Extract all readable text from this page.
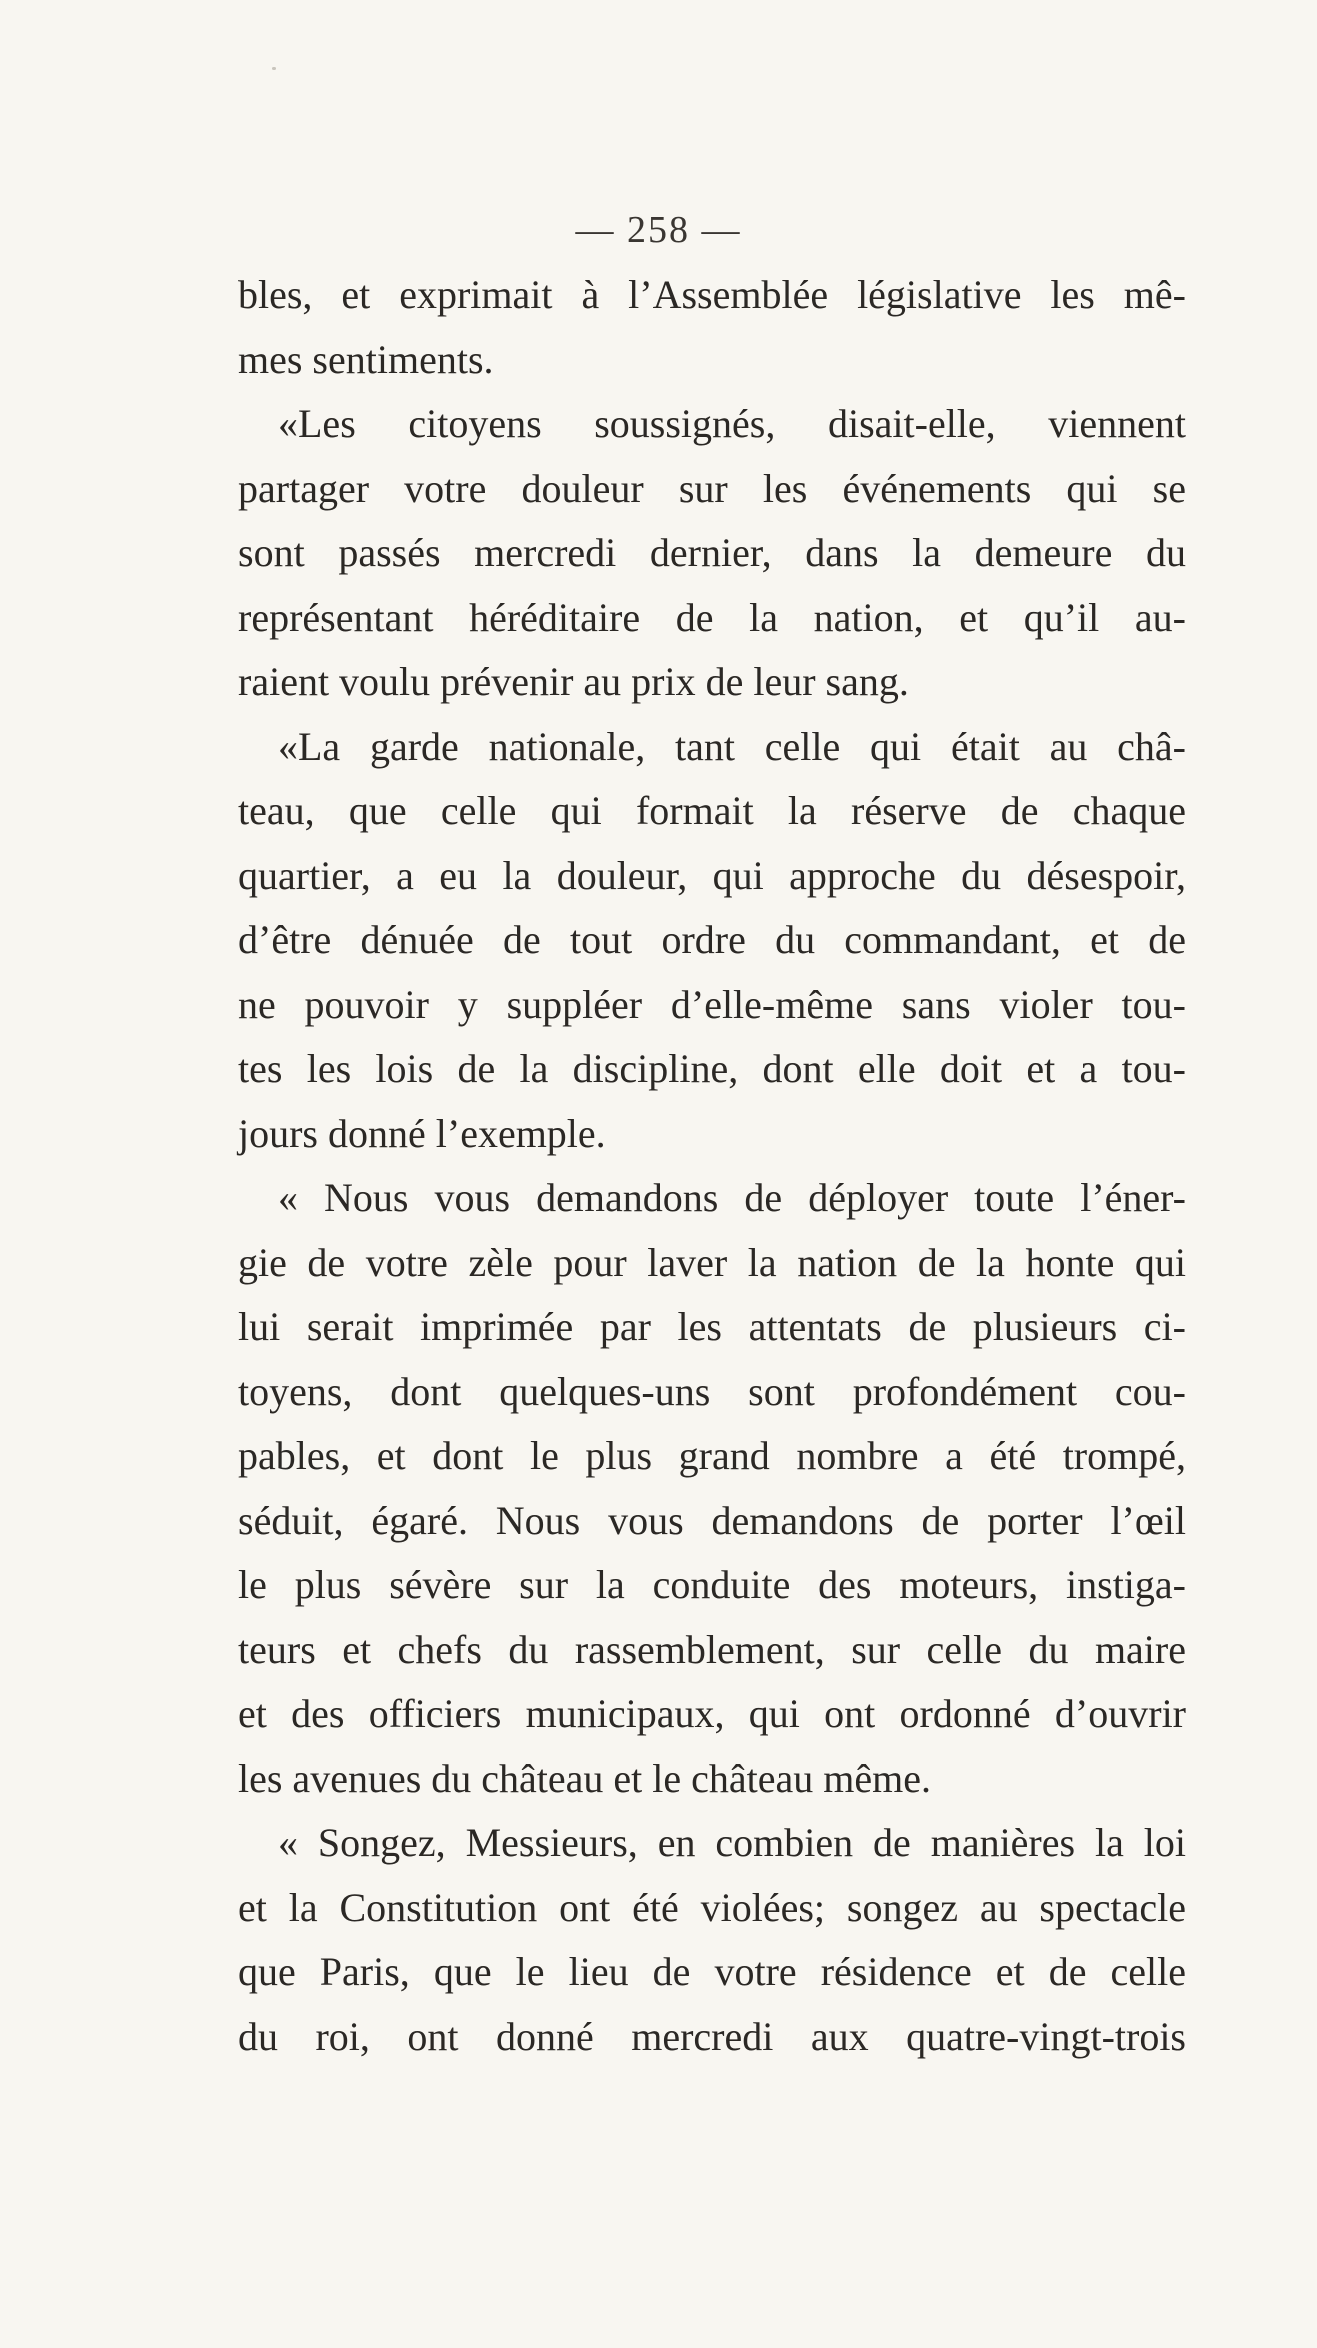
— 258 —
bles, et exprimait à l’Assemblée législative les mê-
mes sentiments.
«Les citoyens soussignés, disait-elle, viennent
partager votre douleur sur les événements qui se
sont passés mercredi dernier, dans la demeure du
représentant héréditaire de la nation, et qu’il au-
raient voulu prévenir au prix de leur sang.
«La garde nationale, tant celle qui était au châ-
teau, que celle qui formait la réserve de chaque
quartier, a eu la douleur, qui approche du désespoir,
d’être dénuée de tout ordre du commandant, et de
ne pouvoir y suppléer d’elle-même sans violer tou-
tes les lois de la discipline, dont elle doit et a tou-
jours donné l’exemple.
« Nous vous demandons de déployer toute l’éner-
gie de votre zèle pour laver la nation de la honte qui
lui serait imprimée par les attentats de plusieurs ci-
toyens, dont quelques-uns sont profondément cou-
pables, et dont le plus grand nombre a été trompé,
séduit, égaré. Nous vous demandons de porter l’œil
le plus sévère sur la conduite des moteurs, instiga-
teurs et chefs du rassemblement, sur celle du maire
et des officiers municipaux, qui ont ordonné d’ouvrir
les avenues du château et le château même.
« Songez, Messieurs, en combien de manières la loi
et la Constitution ont été violées; songez au spectacle
que Paris, que le lieu de votre résidence et de celle
du roi, ont donné mercredi aux quatre-vingt-trois
